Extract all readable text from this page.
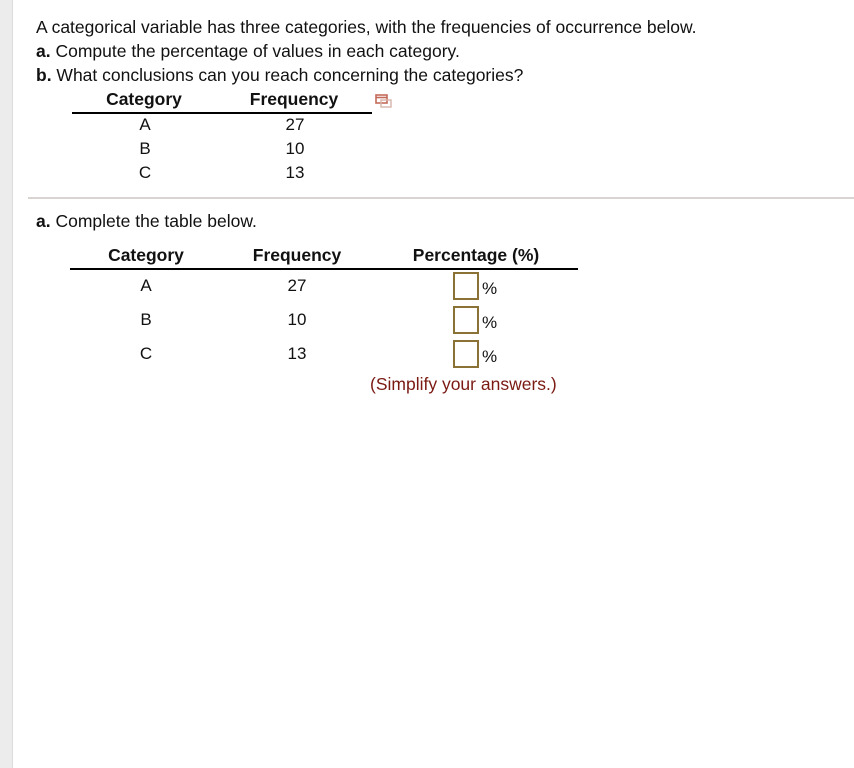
A categorical variable has three categories, with the frequencies of occurrence below.
a. Compute the percentage of values in each category.
b. What conclusions can you reach concerning the categories?
Category	Frequency
A	27
B	10
C	13
a. Complete the table below.
Category	Frequency	Percentage (%)
A	27	%
B	10	%
C	13	%
(Simplify your answers.)
